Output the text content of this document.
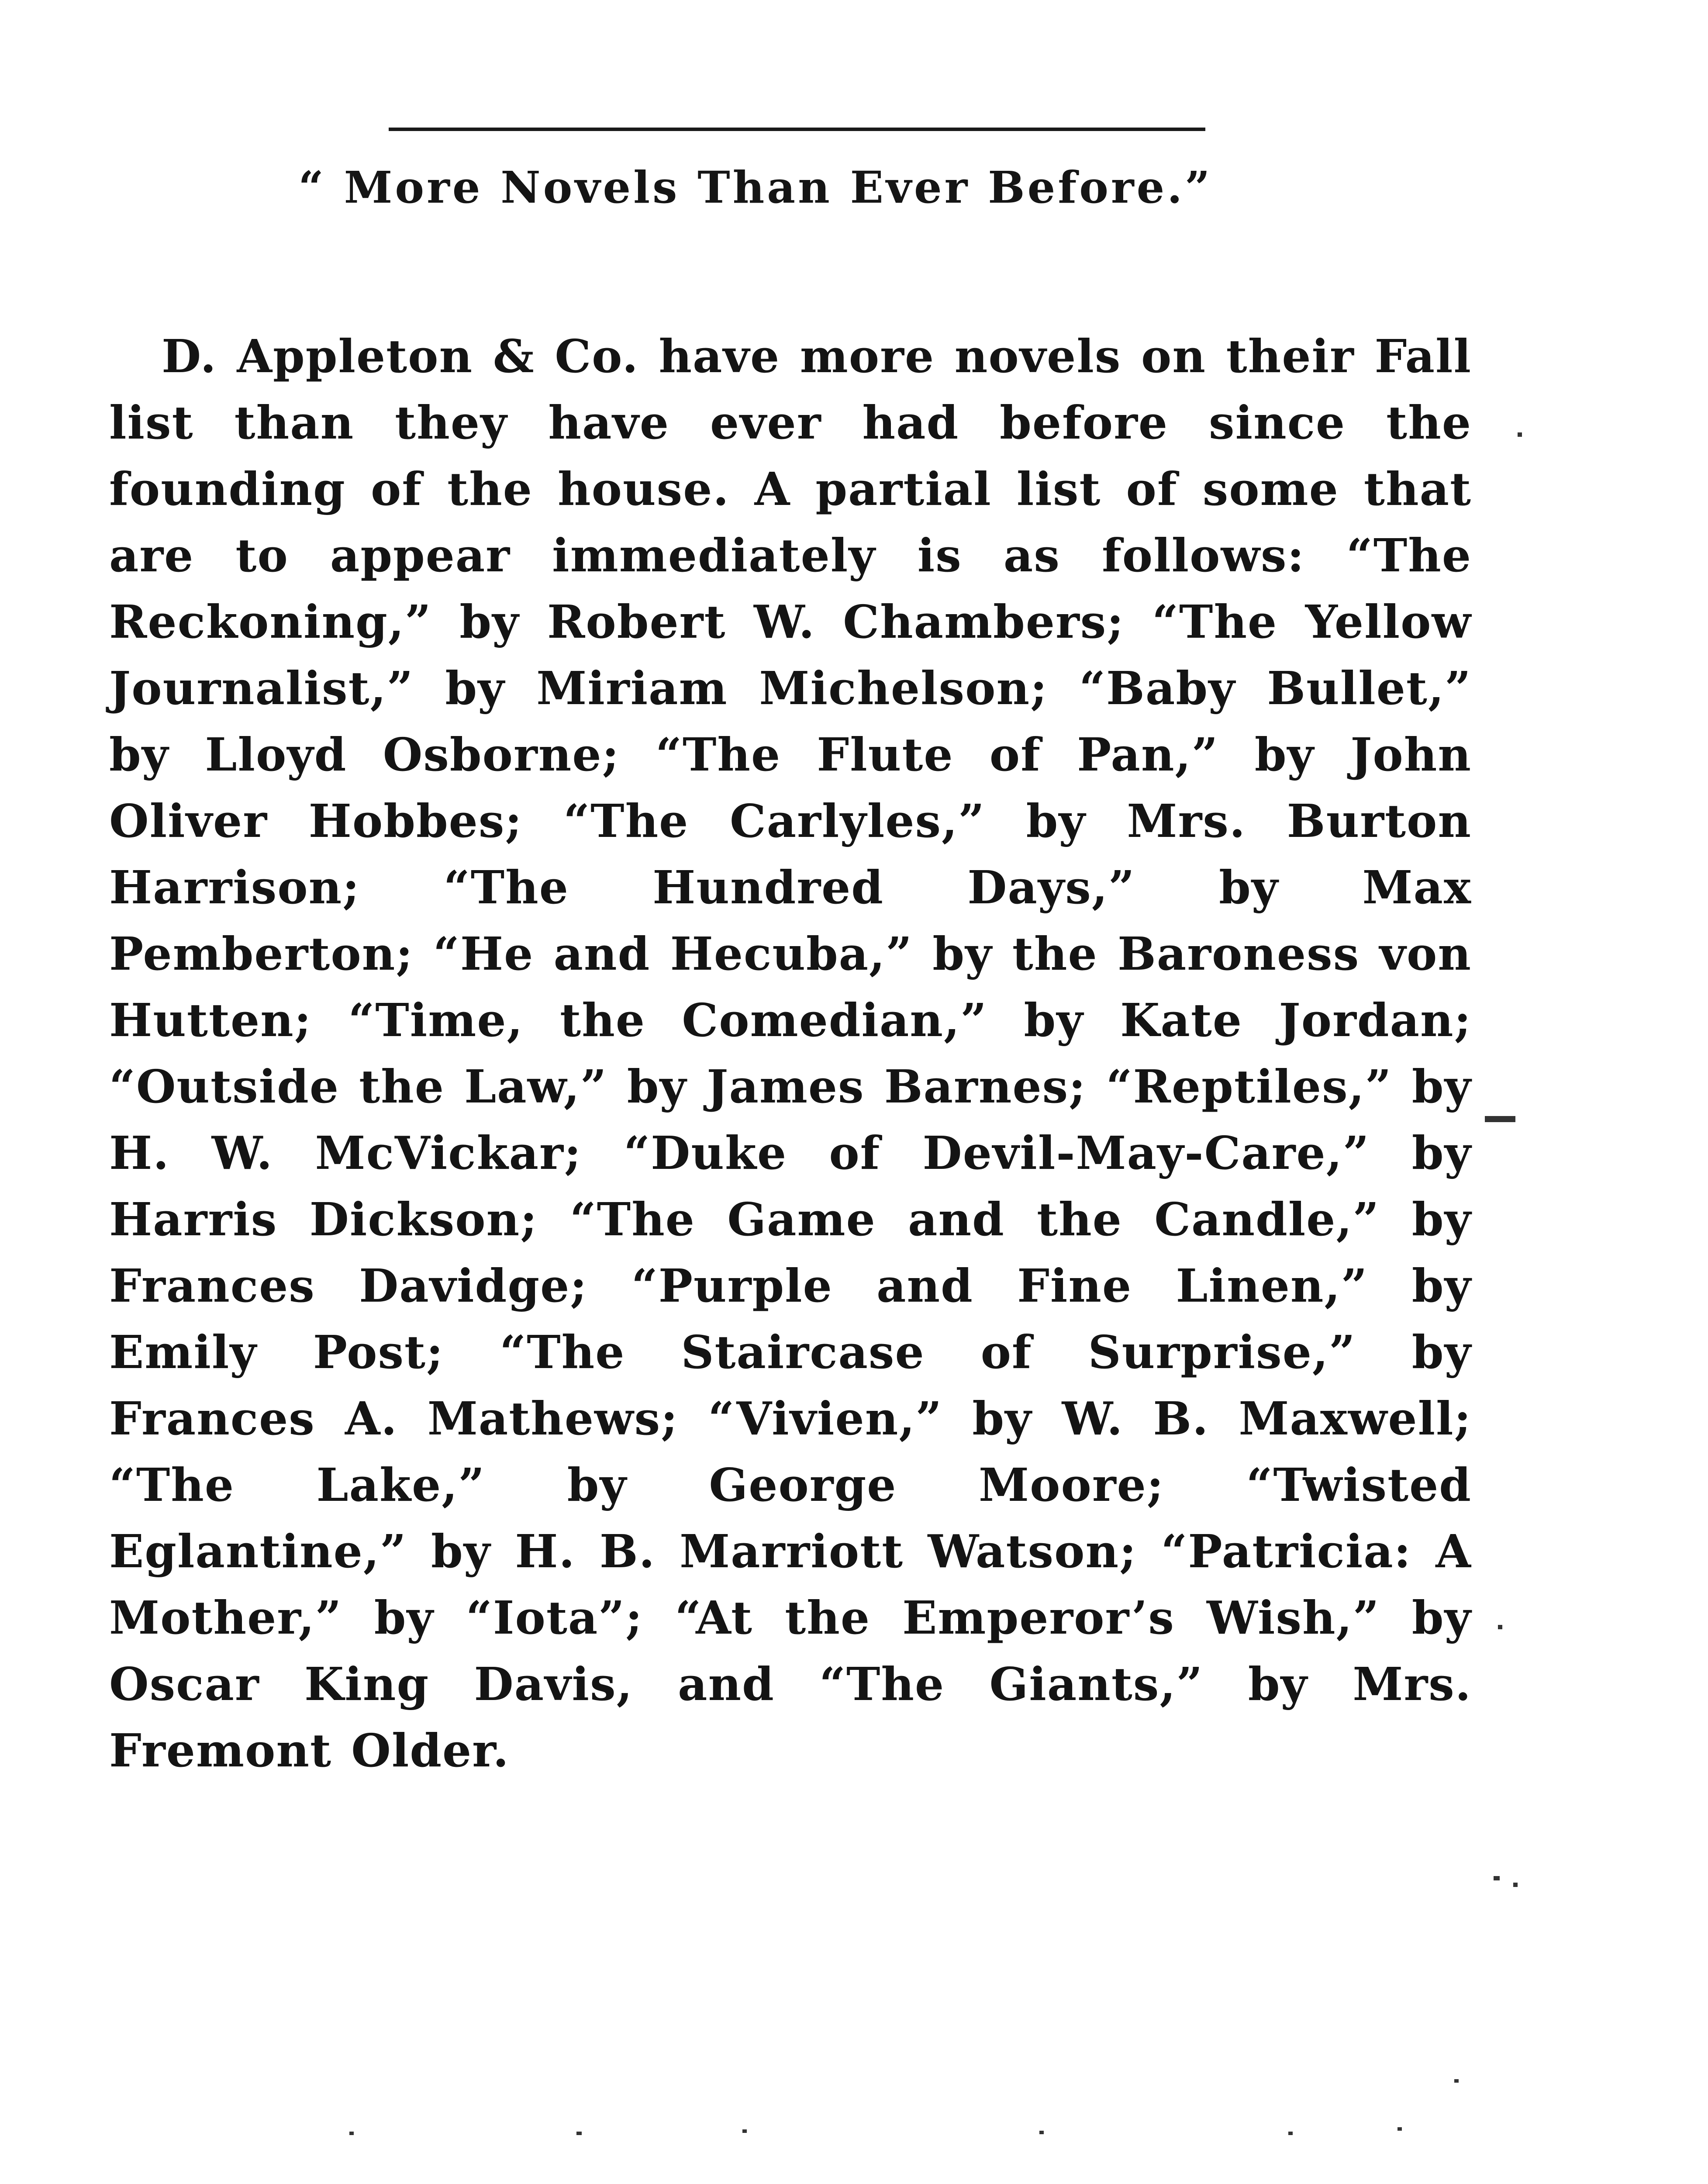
“ More Novels Than Ever Before.”
D. Appleton & Co. have more novels on their Fall list than they have ever had before since the founding of the house. A partial list of some that are to appear immediately is as follows: “The Reckoning,” by Robert W. Chambers; “The Yellow Journalist,” by Miriam Michelson; “Baby Bullet,” by Lloyd Osborne; “The Flute of Pan,” by John Oliver Hobbes; “The Carlyles,” by Mrs. Burton Harrison; “The Hundred Days,” by Max Pemberton; “He and Hecuba,” by the Baroness von Hutten; “Time, the Comedian,” by Kate Jordan; “Outside the Law,” by James Barnes; “Reptiles,” by H. W. McVickar; “Duke of Devil-May-Care,” by Harris Dickson; “The Game and the Candle,” by Frances Davidge; “Purple and Fine Linen,” by Emily Post; “The Staircase of Surprise,” by Frances A. Mathews; “Vivien,” by W. B. Maxwell; “The Lake,” by George Moore; “Twisted Eglantine,” by H. B. Marriott Watson; “Patricia: A Mother,” by “Iota”; “At the Emperor’s Wish,” by Oscar King Davis, and “The Giants,” by Mrs. Fremont Older.
